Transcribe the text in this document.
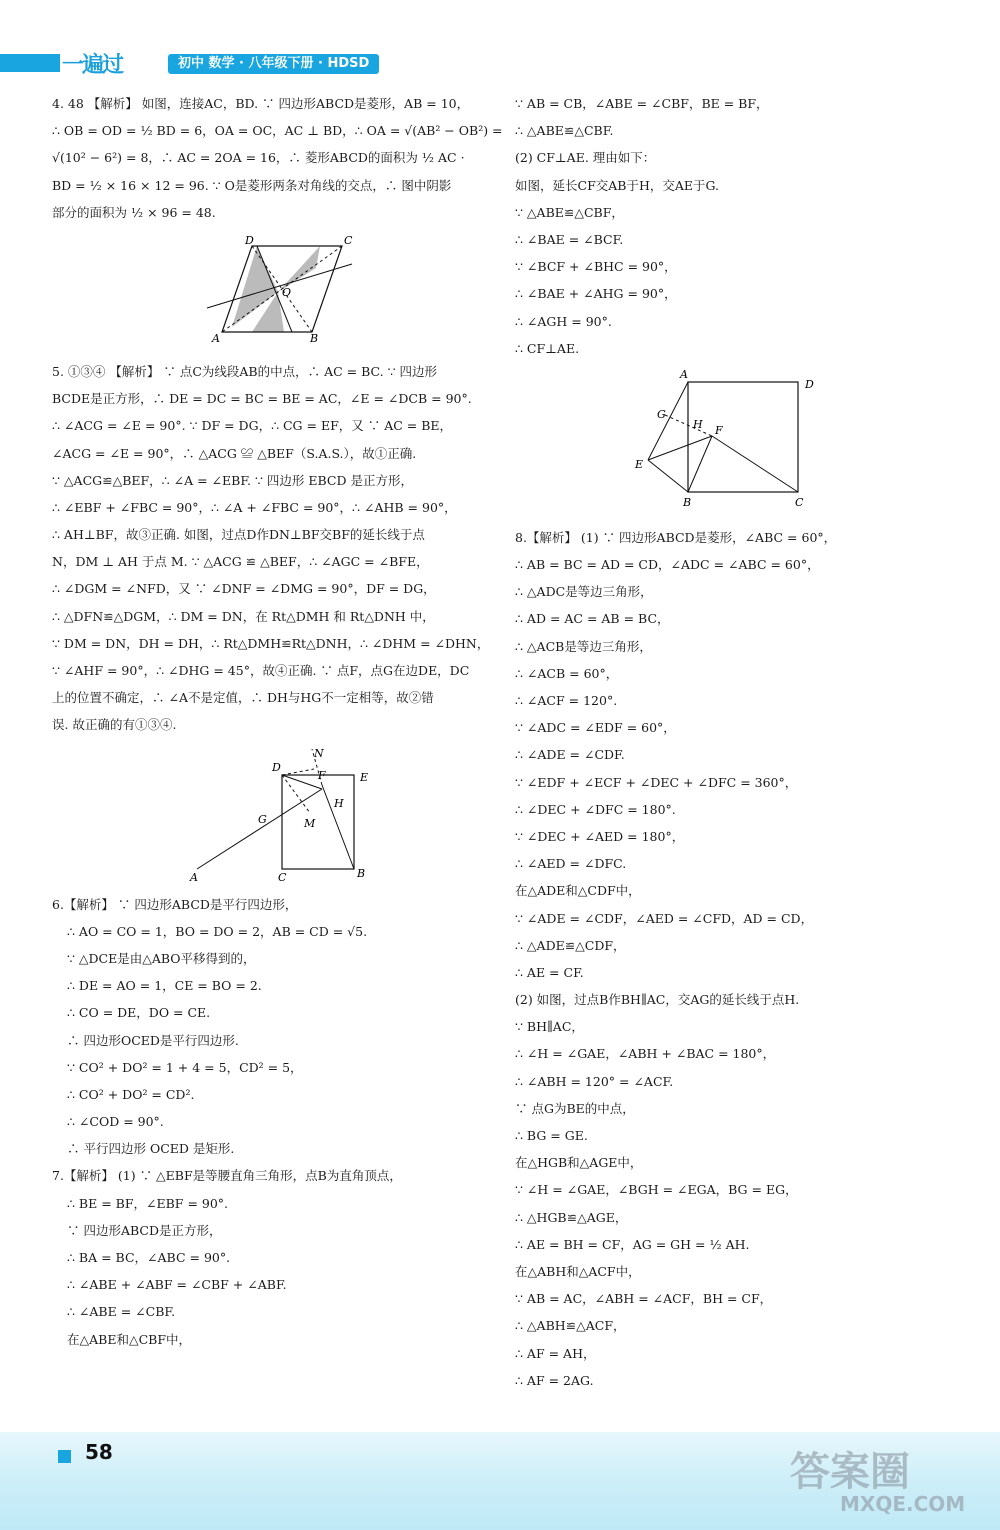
一遍过	初中 数学 · 八年级下册 · HDSD
4. 48 【解析】 如图，连接AC，BD. ∵ 四边形ABCD是菱形，AB = 10，
∴ OB = OD = ½ BD = 6，OA = OC，AC ⊥ BD，∴ OA = √(AB² − OB²) =
√(10² − 6²) = 8，∴ AC = 2OA = 16，∴ 菱形ABCD的面积为 ½ AC ·
BD = ½ × 16 × 12 = 96. ∵ O是菱形两条对角线的交点，∴ 图中阴影
部分的面积为 ½ × 96 = 48.
D	C
O
A	B
5. ①③④ 【解析】 ∵ 点C为线段AB的中点，∴ AC = BC. ∵ 四边形
BCDE是正方形，∴ DE = DC = BC = BE = AC，∠E = ∠DCB = 90°.
∴ ∠ACG = ∠E = 90°. ∵ DF = DG，∴ CG = EF，又 ∵ AC = BE，
∠ACG = ∠E = 90°，∴ △ACG ≌ △BEF（S.A.S.），故①正确.
∵ △ACG≌△BEF，∴ ∠A = ∠EBF. ∵ 四边形 EBCD 是正方形，
∴ ∠EBF + ∠FBC = 90°，∴ ∠A + ∠FBC = 90°，∴ ∠AHB = 90°，
∴ AH⊥BF，故③正确. 如图，过点D作DN⊥BF交BF的延长线于点
N，DM ⊥ AH 于点 M. ∵ △ACG ≌ △BEF，∴ ∠AGC = ∠BFE，
∴ ∠DGM = ∠NFD，又 ∵ ∠DNF = ∠DMG = 90°，DF = DG，
∴ △DFN≌△DGM，∴ DM = DN，在 Rt△DMH 和 Rt△DNH 中，
∵ DM = DN，DH = DH，∴ Rt△DMH≌Rt△DNH，∴ ∠DHM = ∠DHN，
∵ ∠AHF = 90°，∴ ∠DHG = 45°，故④正确. ∵ 点F，点G在边DE，DC
上的位置不确定，∴ ∠A不是定值，∴ DH与HG不一定相等，故②错
误. 故正确的有①③④.
D
N
F	E
H
G	M
A	C	B
6.【解析】 ∵ 四边形ABCD是平行四边形，
∴ AO = CO = 1，BO = DO = 2，AB = CD = √5.
∵ △DCE是由△ABO平移得到的，
∴ DE = AO = 1，CE = BO = 2.
∴ CO = DE，DO = CE.
∴ 四边形OCED是平行四边形.
∵ CO² + DO² = 1 + 4 = 5，CD² = 5，
∴ CO² + DO² = CD².
∴ ∠COD = 90°.
∴ 平行四边形 OCED 是矩形.
7.【解析】 (1) ∵ △EBF是等腰直角三角形，点B为直角顶点，
∴ BE = BF，∠EBF = 90°.
∵ 四边形ABCD是正方形，
∴ BA = BC，∠ABC = 90°.
∴ ∠ABE + ∠ABF = ∠CBF + ∠ABF.
∴ ∠ABE = ∠CBF.
在△ABE和△CBF中，
∵ AB = CB，∠ABE = ∠CBF，BE = BF，
∴ △ABE≌△CBF.
(2) CF⊥AE. 理由如下：
如图，延长CF交AB于H，交AE于G.
∵ △ABE≌△CBF，
∴ ∠BAE = ∠BCF.
∵ ∠BCF + ∠BHC = 90°，
∴ ∠BAE + ∠AHG = 90°，
∴ ∠AGH = 90°.
∴ CF⊥AE.
A
D
G
H F
E
B	C
8.【解析】 (1) ∵ 四边形ABCD是菱形，∠ABC = 60°，
∴ AB = BC = AD = CD，∠ADC = ∠ABC = 60°，
∴ △ADC是等边三角形，
∴ AD = AC = AB = BC，
∴ △ACB是等边三角形，
∴ ∠ACB = 60°，
∴ ∠ACF = 120°.
∵ ∠ADC = ∠EDF = 60°，
∴ ∠ADE = ∠CDF.
∵ ∠EDF + ∠ECF + ∠DEC + ∠DFC = 360°，
∴ ∠DEC + ∠DFC = 180°.
∵ ∠DEC + ∠AED = 180°，
∴ ∠AED = ∠DFC.
在△ADE和△CDF中，
∵ ∠ADE = ∠CDF，∠AED = ∠CFD，AD = CD，
∴ △ADE≌△CDF，
∴ AE = CF.
(2) 如图，过点B作BH∥AC，交AG的延长线于点H.
∵ BH∥AC，
∴ ∠H = ∠GAE，∠ABH + ∠BAC = 180°，
∴ ∠ABH = 120° = ∠ACF.
∵ 点G为BE的中点，
∴ BG = GE.
在△HGB和△AGE中，
∵ ∠H = ∠GAE，∠BGH = ∠EGA，BG = EG，
∴ △HGB≌△AGE，
∴ AE = BH = CF，AG = GH = ½ AH.
在△ABH和△ACF中，
∵ AB = AC，∠ABH = ∠ACF，BH = CF，
∴ △ABH≌△ACF，
∴ AF = AH，
∴ AF = 2AG.
58	答案圈
MXQE.COM
